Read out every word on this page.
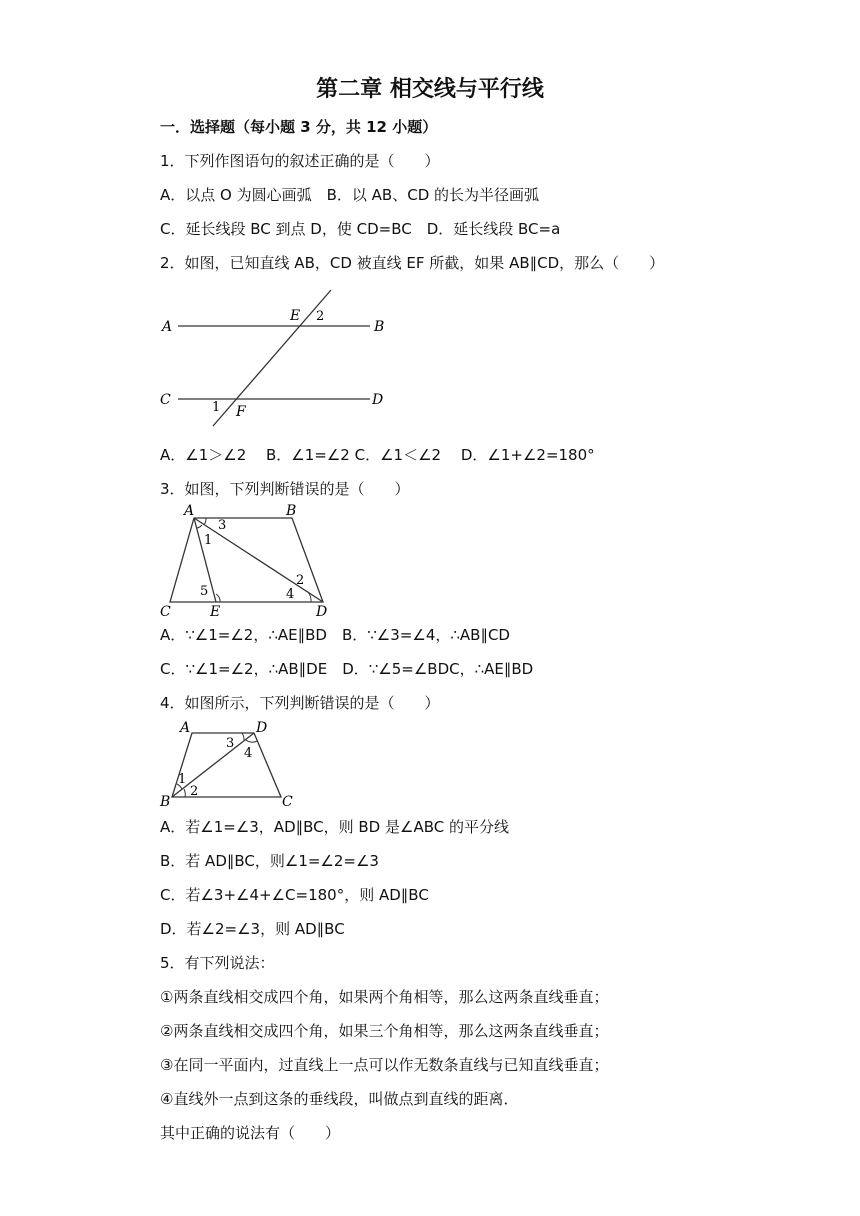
第二章 相交线与平行线
一．选择题（每小题 3 分，共 12 小题）
1．下列作图语句的叙述正确的是（　　）
A．以点 O 为圆心画弧　B．以 AB、CD 的长为半径画弧
C．延长线段 BC 到点 D，使 CD=BC　D．延长线段 BC=a
2．如图，已知直线 AB，CD 被直线 EF 所截，如果 AB∥CD，那么（　　）
A	B
C	D
E
F
2
1
A．∠1＞∠2　 B．∠1=∠2 C．∠1＜∠2　 D．∠1+∠2=180°
3．如图，下列判断错误的是（　　）
A	B
C	E	D
3
1
2
4
5
A．∵∠1=∠2，∴AE∥BD　B．∵∠3=∠4，∴AB∥CD
C．∵∠1=∠2，∴AB∥DE　D．∵∠5=∠BDC，∴AE∥BD
4．如图所示，下列判断错误的是（　　）
A	D
B	C
3
4
1
2
A．若∠1=∠3，AD∥BC，则 BD 是∠ABC 的平分线
B．若 AD∥BC，则∠1=∠2=∠3
C．若∠3+∠4+∠C=180°，则 AD∥BC
D．若∠2=∠3，则 AD∥BC
5．有下列说法：
①两条直线相交成四个角，如果两个角相等，那么这两条直线垂直；
②两条直线相交成四个角，如果三个角相等，那么这两条直线垂直；
③在同一平面内，过直线上一点可以作无数条直线与已知直线垂直；
④直线外一点到这条的垂线段，叫做点到直线的距离．
其中正确的说法有（　　）
